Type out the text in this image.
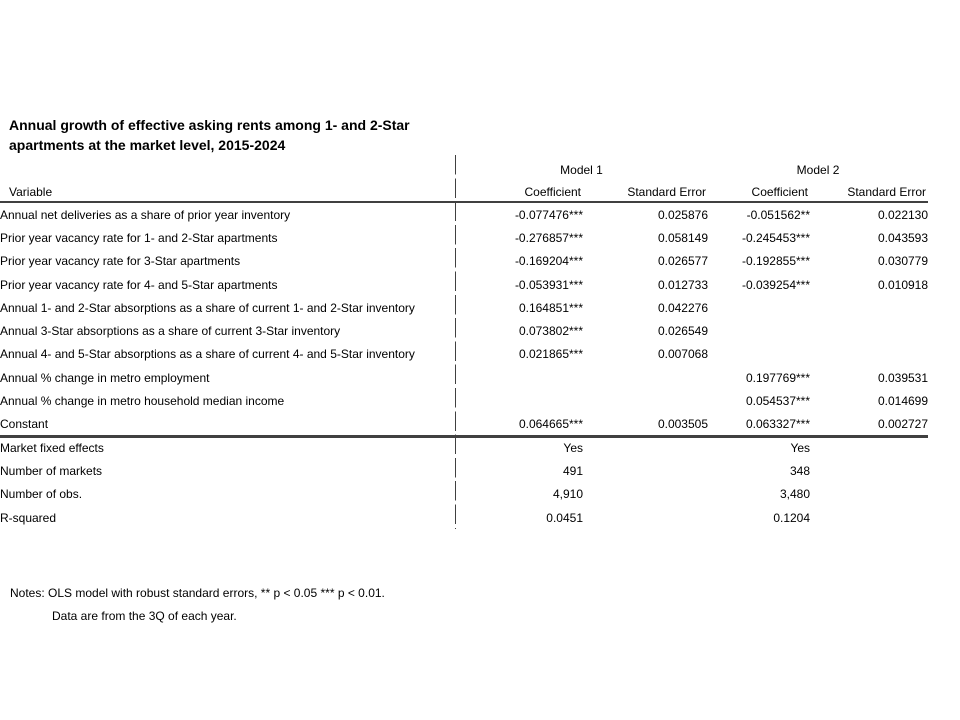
Annual growth of effective asking rents among 1- and 2-Star
apartments at the market level, 2015-2024
	Model 1		Model 2	
Variable	Coefficient	Standard Error	Coefficient	Standard Error
Annual net deliveries as a share of prior year inventory	-0.077476***	0.025876	-0.051562**	0.022130
Prior year vacancy rate for 1- and 2-Star apartments	-0.276857***	0.058149	-0.245453***	0.043593
Prior year vacancy rate for 3-Star apartments	-0.169204***	0.026577	-0.192855***	0.030779
Prior year vacancy rate for 4- and 5-Star apartments	-0.053931***	0.012733	-0.039254***	0.010918
Annual 1- and 2-Star absorptions as a share of current 1- and 2-Star inventory	0.164851***	0.042276		
Annual 3-Star absorptions as a share of current 3-Star inventory	0.073802***	0.026549		
Annual 4- and 5-Star absorptions as a share of current 4- and 5-Star inventory	0.021865***	0.007068		
Annual % change in metro employment			0.197769***	0.039531
Annual % change in metro household median income			0.054537***	0.014699
Constant	0.064665***	0.003505	0.063327***	0.002727
Market fixed effects	Yes		Yes	
Number of markets	491		348	
Number of obs.	4,910		3,480	
R-squared	0.0451		0.1204	
Notes: OLS model with robust standard errors, ** p < 0.05 *** p < 0.01.
Data are from the 3Q of each year.
